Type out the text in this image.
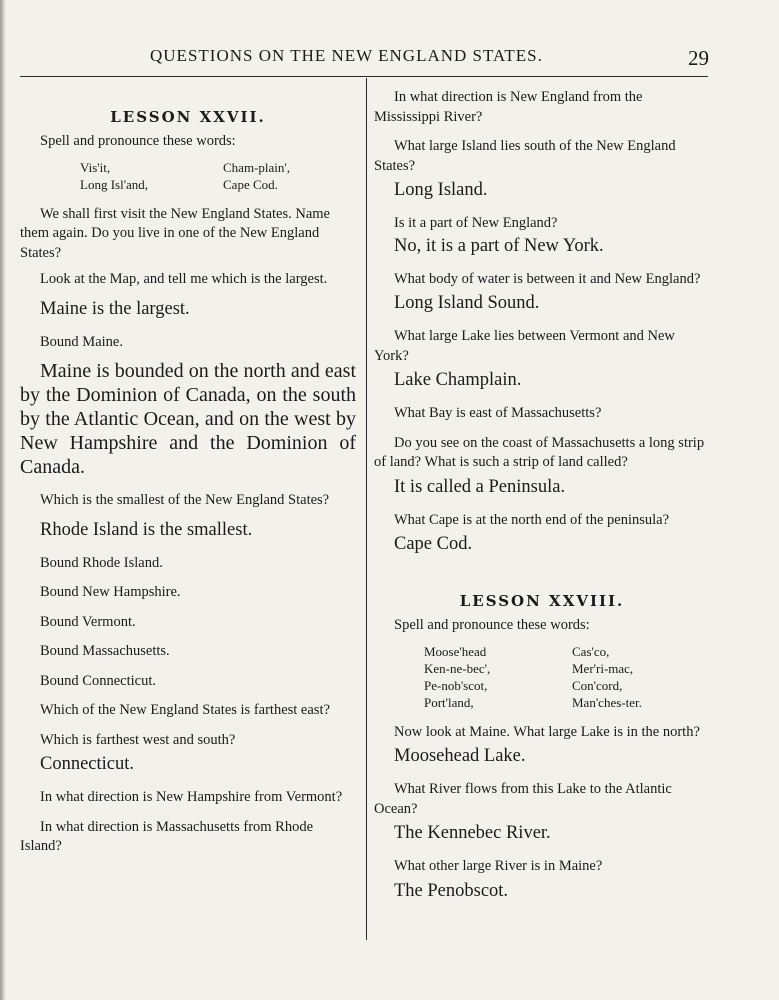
QUESTIONS ON THE NEW ENGLAND STATES.	29
LESSON XXVII.

Spell and pronounce these words:

Vis'it,	Cham-plain',
Long Isl'and,	Cape Cod.

We shall first visit the New England States. Name them again. Do you live in one of the New England States?

Look at the Map, and tell me which is the largest.

Maine is the largest.

Bound Maine.

Maine is bounded on the north and east by the Dominion of Canada, on the south by the Atlantic Ocean, and on the west by New Hampshire and the Dominion of Canada.

Which is the smallest of the New England States?

Rhode Island is the smallest.

Bound Rhode Island.

Bound New Hampshire.

Bound Vermont.

Bound Massachusetts.

Bound Connecticut.

Which of the New England States is farthest east?

Which is farthest west and south?

Connecticut.

In what direction is New Hampshire from Vermont?

In what direction is Massachusetts from Rhode Island?

In what direction is New England from the Mississippi River?

What large Island lies south of the New England States?

Long Island.

Is it a part of New England?

No, it is a part of New York.

What body of water is between it and New England?

Long Island Sound.

What large Lake lies between Vermont and New York?

Lake Champlain.

What Bay is east of Massachusetts?

Do you see on the coast of Massachusetts a long strip of land? What is such a strip of land called?

It is called a Peninsula.

What Cape is at the north end of the peninsula?

Cape Cod.

LESSON XXVIII.

Spell and pronounce these words:

Moose'head	Cas'co,
Ken-ne-bec',	Mer'ri-mac,
Pe-nob'scot,	Con'cord,
Port'land,	Man'ches-ter.

Now look at Maine. What large Lake is in the north?

Moosehead Lake.

What River flows from this Lake to the Atlantic Ocean?

The Kennebec River.

What other large River is in Maine?

The Penobscot.
